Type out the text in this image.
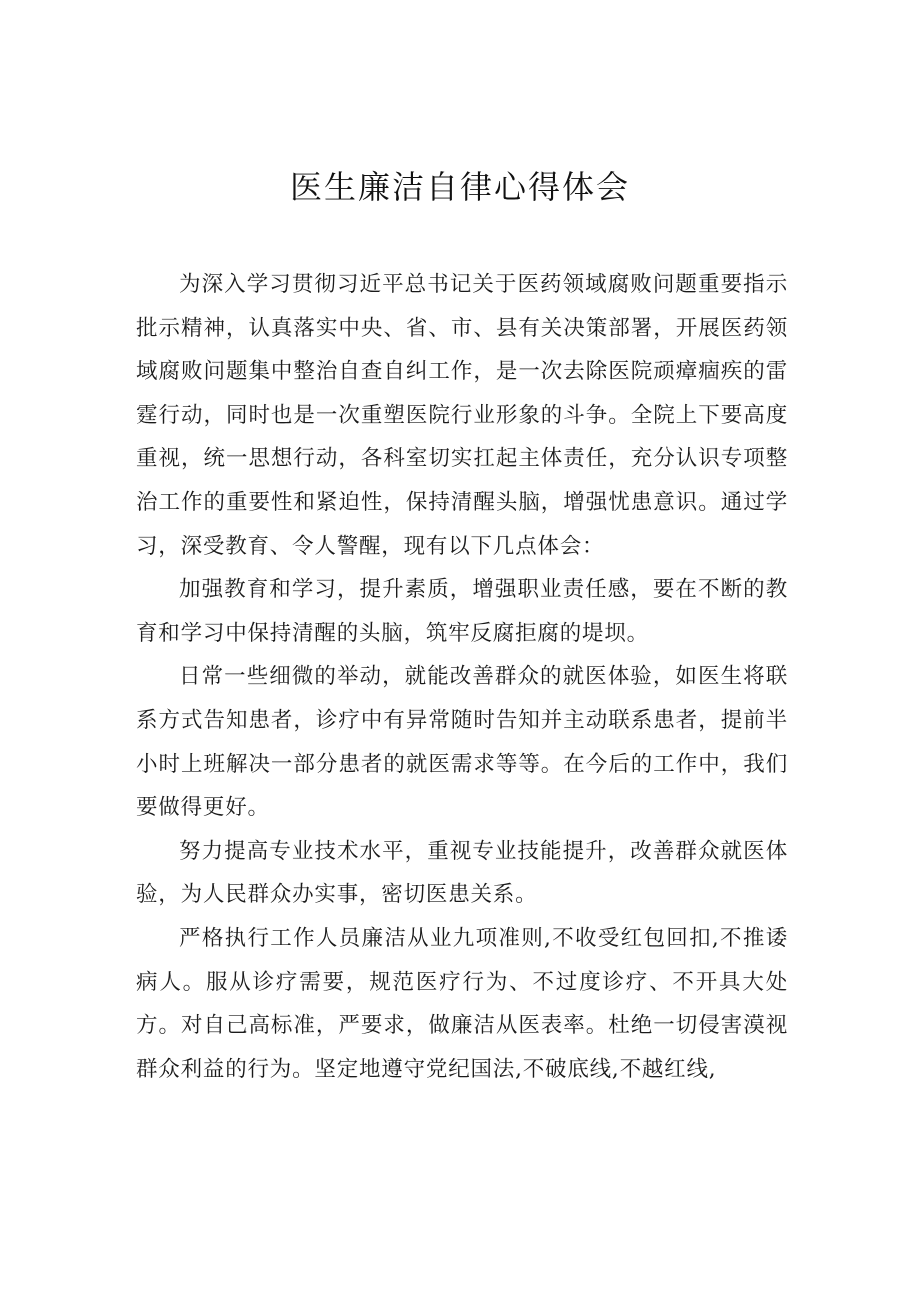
医生廉洁自律心得体会

为深入学习贯彻习近平总书记关于医药领域腐败问题重要指示批示精神，认真落实中央、省、市、县有关决策部署，开展医药领域腐败问题集中整治自查自纠工作，是一次去除医院顽瘴痼疾的雷霆行动，同时也是一次重塑医院行业形象的斗争。全院上下要高度重视，统一思想行动，各科室切实扛起主体责任，充分认识专项整治工作的重要性和紧迫性，保持清醒头脑，增强忧患意识。通过学习，深受教育、令人警醒，现有以下几点体会：

加强教育和学习，提升素质，增强职业责任感，要在不断的教育和学习中保持清醒的头脑，筑牢反腐拒腐的堤坝。

日常一些细微的举动，就能改善群众的就医体验，如医生将联系方式告知患者，诊疗中有异常随时告知并主动联系患者，提前半小时上班解决一部分患者的就医需求等等。在今后的工作中，我们要做得更好。

努力提高专业技术水平，重视专业技能提升，改善群众就医体验，为人民群众办实事，密切医患关系。

严格执行工作人员廉洁从业九项准则,不收受红包回扣,不推诿病人。服从诊疗需要，规范医疗行为、不过度诊疗、不开具大处方。对自己高标准，严要求，做廉洁从医表率。杜绝一切侵害漠视群众利益的行为。坚定地遵守党纪国法,不破底线,不越红线,
